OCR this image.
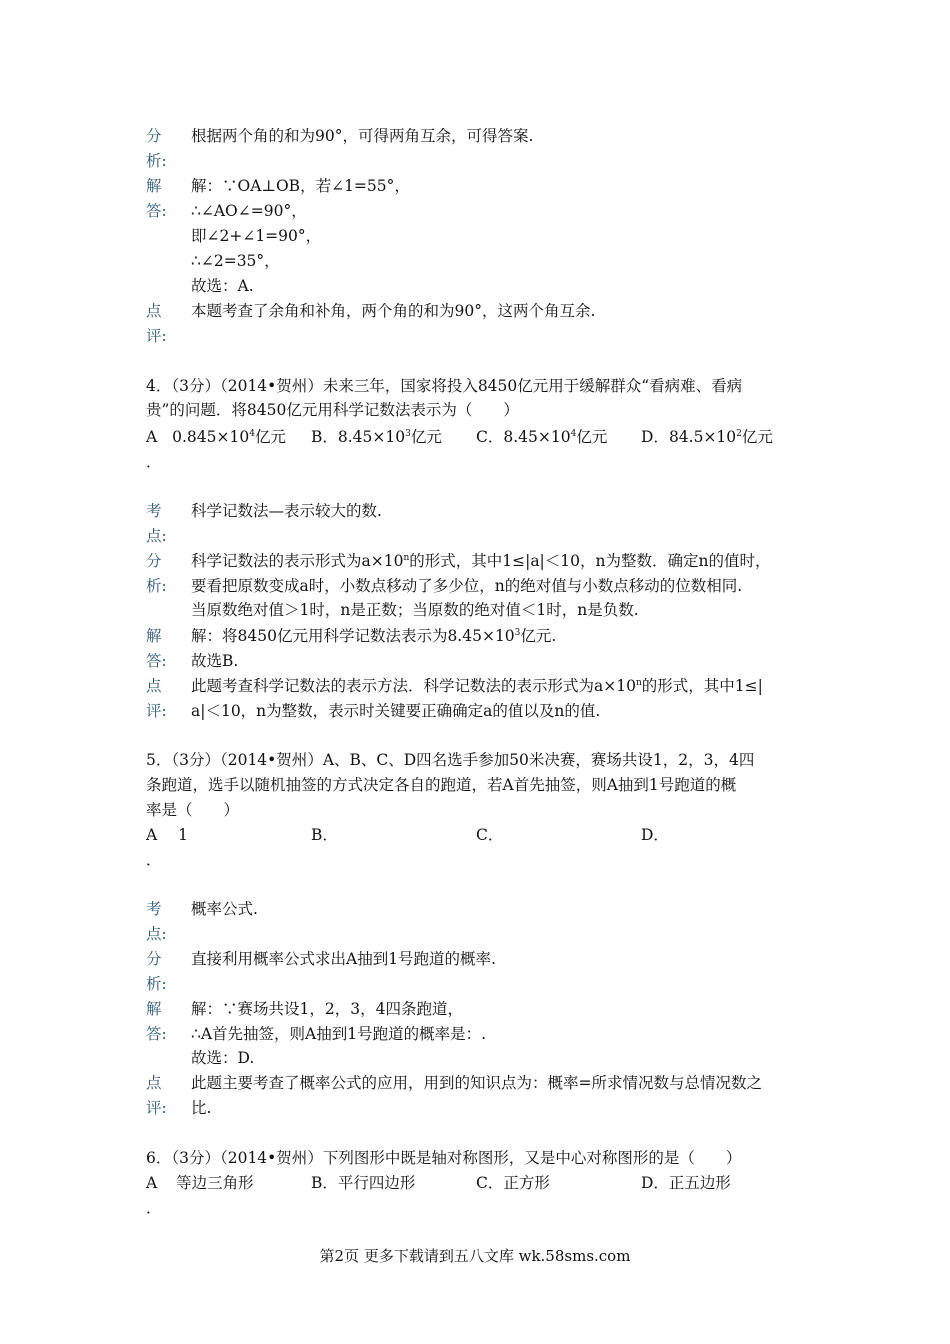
分	根据两个角的和为90°，可得两角互余，可得答案.
析:
解	解：∵OA⊥OB，若∠1=55°，
答:	∴∠AO∠=90°，
即∠2+∠1=90°，
∴∠2=35°，
故选：A.
点	本题考查了余角和补角，两个角的和为90°，这两个角互余.
评:
4．（3分）（2014•贺州）未来三年，国家将投入8450亿元用于缓解群众“看病难、看病
贵”的问题．将8450亿元用科学记数法表示为（　　）
A $0.845\times 10^4$亿元 B．$8.45\times 10^3$亿元 C．$8.45\times 10^4$亿元 D．$84.5\times 10^2$亿元
．
考	科学记数法—表示较大的数.
点:
分	科学记数法的表示形式为$a\times 10^n$的形式，其中1≤|a|＜10，n为整数．确定n的值时，
析:	要看把原数变成a时，小数点移动了多少位，n的绝对值与小数点移动的位数相同.
当原数绝对值＞1时，n是正数；当原数的绝对值＜1时，n是负数.
解	解：将8450亿元用科学记数法表示为$8.45\times 10^3$亿元.
答:	故选B.
点	此题考查科学记数法的表示方法．科学记数法的表示形式为$a\times 10^n$的形式，其中1≤|
评:	a|＜10，n为整数，表示时关键要正确确定a的值以及n的值.
5．（3分）（2014•贺州）A、B、C、D四名选手参加50米决赛，赛场共设1，2，3，4四
条跑道，选手以随机抽签的方式决定各自的跑道，若A首先抽签，则A抽到1号跑道的概
率是（　　）
A 1	B．	C．	D．
．
考	概率公式.
点:
分	直接利用概率公式求出A抽到1号跑道的概率.
析:
解	解：∵赛场共设1，2，3，4四条跑道，
答:	∴A首先抽签，则A抽到1号跑道的概率是：.
故选：D.
点	此题主要考查了概率公式的应用，用到的知识点为：概率=所求情况数与总情况数之
评:	比.
6．（3分）（2014•贺州）下列图形中既是轴对称图形，又是中心对称图形的是（　　）
A 等边三角形	B．平行四边形	C．正方形	D．正五边形
．
第2页 更多下载请到五八文库 wk.58sms.com
